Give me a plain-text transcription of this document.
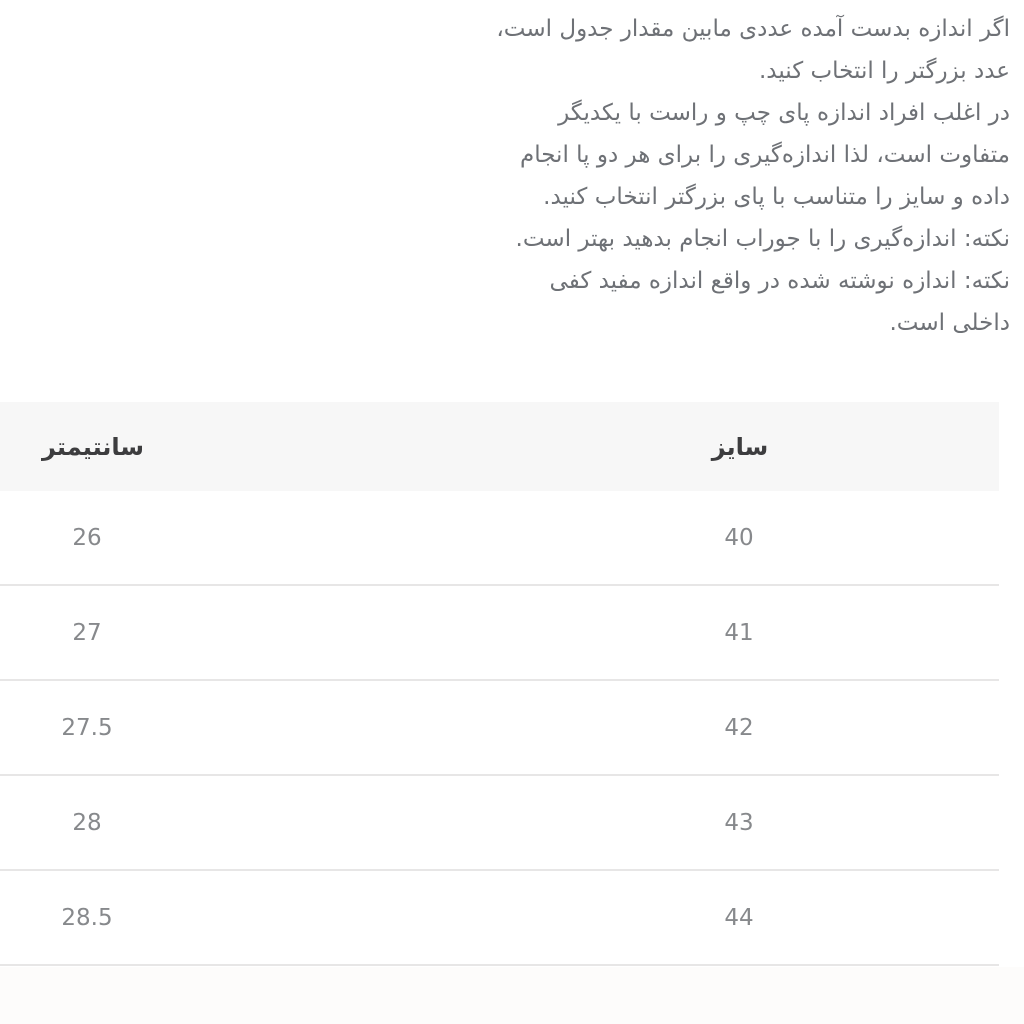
اگر اندازه بدست آمده عددی مابین مقدار جدول است،
عدد بزرگتر را انتخاب کنید.
در اغلب افراد اندازه پای چپ و راست با یکدیگر
متفاوت است، لذا اندازه‌گیری را برای هر دو پا انجام
داده و سایز را متناسب با پای بزرگتر انتخاب کنید.
نکته: اندازه‌گیری را با جوراب انجام بدهید بهتر است.
نکته: اندازه نوشته شده در واقع اندازه مفید کفی
داخلی است.
سانتیمتر	سایز
26	40
27	41
27.5	42
28	43
28.5	44
